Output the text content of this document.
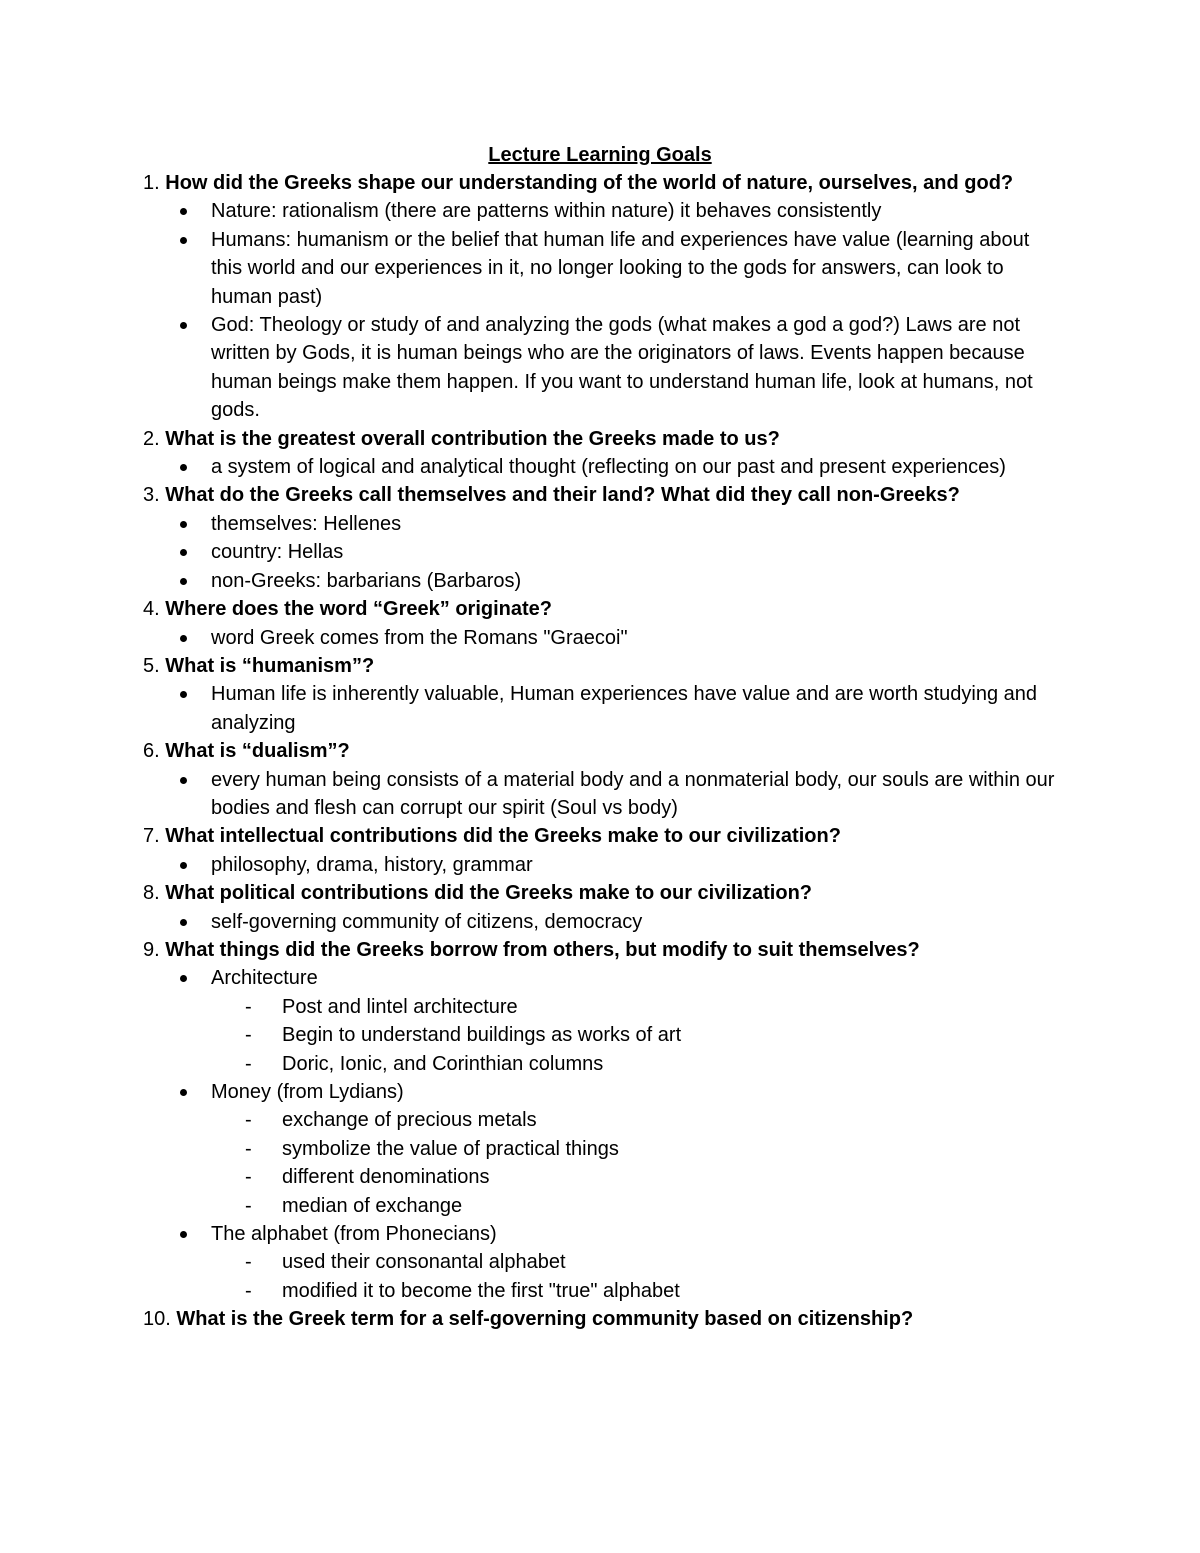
Lecture Learning Goals

1. How did the Greeks shape our understanding of the world of nature, ourselves, and god?

Nature: rationalism (there are patterns within nature) it behaves consistently
Humans: humanism or the belief that human life and experiences have value (learning about this world and our experiences in it, no longer looking to the gods for answers, can look to human past)
God: Theology or study of and analyzing the gods (what makes a god a god?) Laws are not written by Gods, it is human beings who are the originators of laws. Events happen because human beings make them happen. If you want to understand human life, look at humans, not gods.

2. What is the greatest overall contribution the Greeks made to us?

a system of logical and analytical thought (reflecting on our past and present experiences)

3. What do the Greeks call themselves and their land? What did they call non-Greeks?

themselves: Hellenes
country: Hellas
non-Greeks: barbarians (Barbaros)

4. Where does the word “Greek” originate?

word Greek comes from the Romans "Graecoi"

5. What is “humanism”?

Human life is inherently valuable, Human experiences have value and are worth studying and analyzing

6. What is “dualism”?

every human being consists of a material body and a nonmaterial body, our souls are within our bodies and flesh can corrupt our spirit (Soul vs body)

7. What intellectual contributions did the Greeks make to our civilization?

philosophy, drama, history, grammar

8. What political contributions did the Greeks make to our civilization?

self-governing community of citizens, democracy

9. What things did the Greeks borrow from others, but modify to suit themselves?

Architecture
- Post and lintel architecture
- Begin to understand buildings as works of art
- Doric, Ionic, and Corinthian columns
Money (from Lydians)
- exchange of precious metals
- symbolize the value of practical things
- different denominations
- median of exchange
The alphabet (from Phonecians)
- used their consonantal alphabet
- modified it to become the first "true" alphabet

10. What is the Greek term for a self-governing community based on citizenship?
